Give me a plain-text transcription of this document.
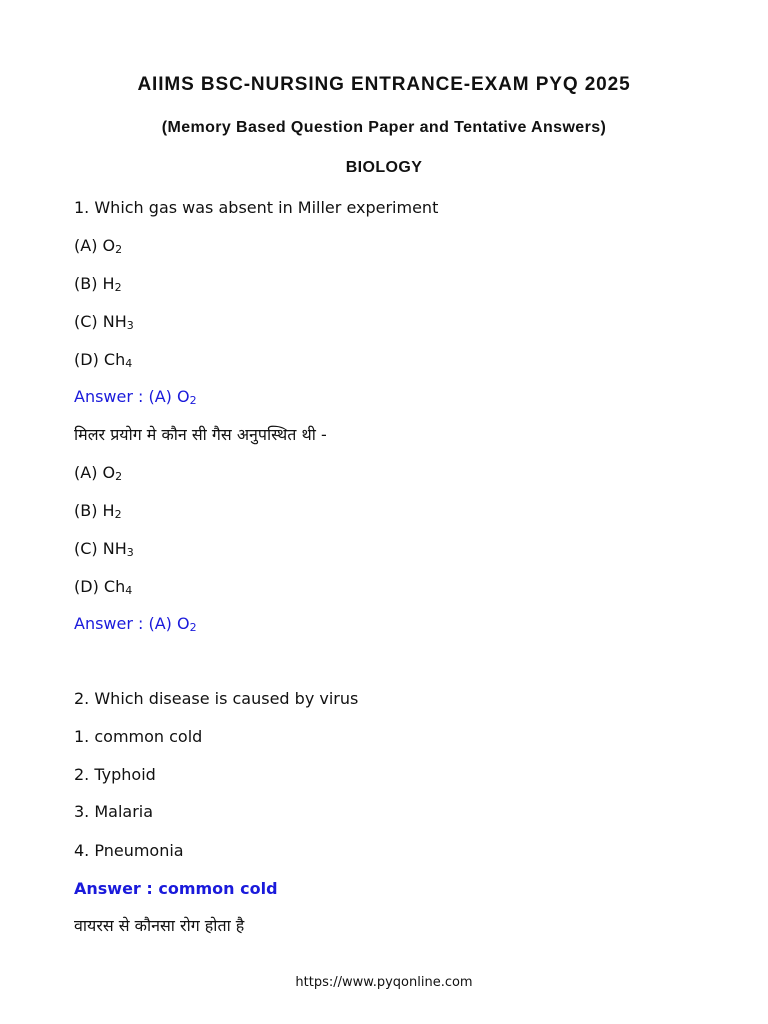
AIIMS BSC-NURSING ENTRANCE-EXAM PYQ 2025
(Memory Based Question Paper and Tentative Answers)
BIOLOGY

1. Which gas was absent in Miller experiment

(A) $O_2$

(B) $H_2$

(C) $NH_3$

(D) $Ch_4$

Answer : (A) $O_2$

मिलर प्रयोग मे कौन सी गैस अनुपस्थित थी -

(A) $O_2$

(B) $H_2$

(C) $NH_3$

(D) $Ch_4$

Answer : (A) $O_2$

2. Which disease is caused by virus

1. common cold

2. Typhoid

3. Malaria

4. Pneumonia

Answer : common cold

वायरस से कौनसा रोग होता है

https://www.pyqonline.com
